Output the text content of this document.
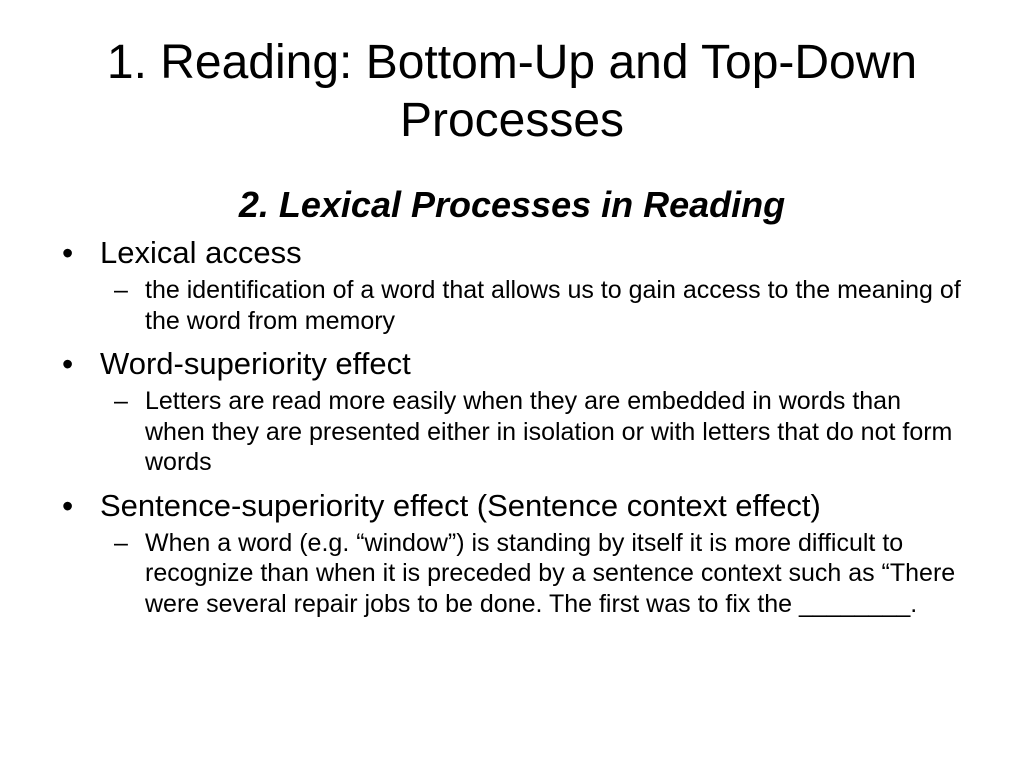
1. Reading: Bottom-Up and Top-Down Processes
2. Lexical Processes in Reading
• Lexical access
– the identification of a word that allows us to gain access to the meaning of the word from memory
• Word-superiority effect
– Letters are read more easily when they are embedded in words than when they are presented either in isolation or with letters that do not form words
• Sentence-superiority effect (Sentence context effect)
– When a word (e.g. “window”) is standing by itself it is more difficult to recognize than when it is preceded by a sentence context such as “There were several repair jobs to be done. The first was to fix the ________.
